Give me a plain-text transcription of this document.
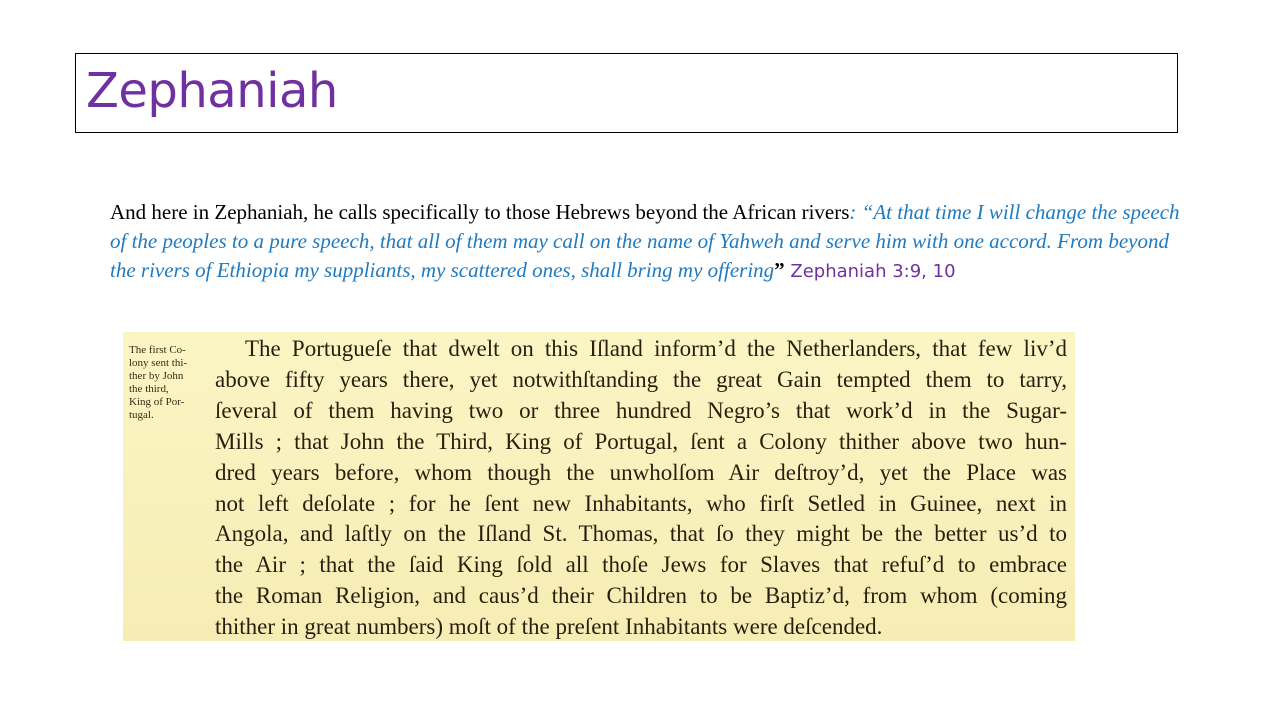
Zephaniah

And here in Zephaniah, he calls specifically to those Hebrews beyond the African rivers: “At that time I will change the speech of the peoples to a pure speech, that all of them may call on the name of Yahweh and serve him with one accord. From beyond the rivers of Ethiopia my suppliants, my scattered ones, shall bring my offering” Zephaniah 3:9, 10

The first Co-
lony sent thi-
ther by John
the third,
King of Por-
tugal.
The Portugueſe that dwelt on this Iſland inform’d the Netherlanders, that few liv’d
above fifty years there, yet notwithſtanding the great Gain tempted them to tarry,
ſeveral of them having two or three hundred Negro’s that work’d in the Sugar-
Mills ; that John the Third, King of Portugal, ſent a Colony thither above two hun-
dred years before, whom though the unwholſom Air deſtroy’d, yet the Place was
not left deſolate ; for he ſent new Inhabitants, who firſt Setled in Guinee, next in
Angola, and laſtly on the Iſland St. Thomas, that ſo they might be the better us’d to
the Air ; that the ſaid King ſold all thoſe Jews for Slaves that refuſ’d to embrace
the Roman Religion, and caus’d their Children to be Baptiz’d, from whom (coming
thither in great numbers) moſt of the preſent Inhabitants were deſcended.
